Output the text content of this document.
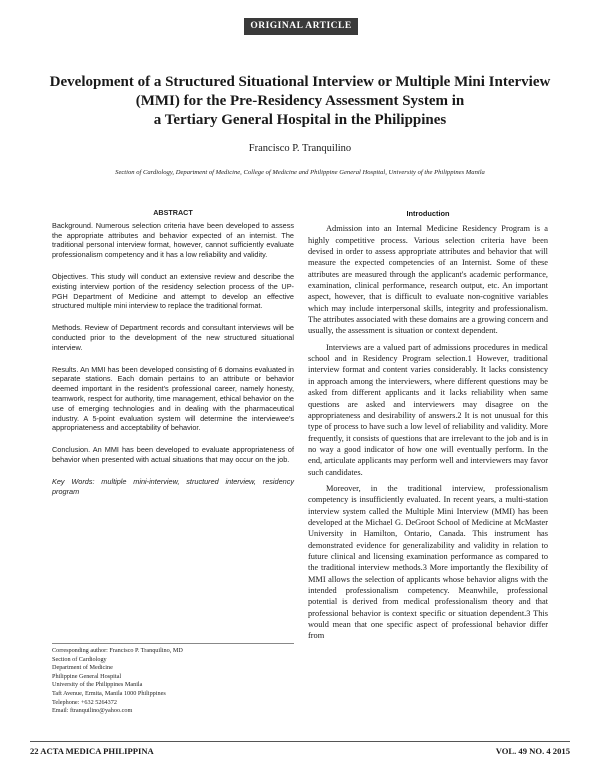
ORIGINAL ARTICLE
Development of a Structured Situational Interview or Multiple Mini Interview
(MMI) for the Pre-Residency Assessment System in
a Tertiary General Hospital in the Philippines
Francisco P. Tranquilino
Section of Cardiology, Department of Medicine, College of Medicine and Philippine General Hospital, University of the Philippines Manila
ABSTRACT

Background. Numerous selection criteria have been developed to assess the appropriate attributes and behavior expected of an internist. The traditional personal interview format, however, cannot sufficiently evaluate professionalism competency and it has a low reliability and validity.

Objectives. This study will conduct an extensive review and describe the existing interview portion of the residency selection process of the UP-PGH Department of Medicine and attempt to develop an effective structured multiple mini interview to replace the traditional format.

Methods. Review of Department records and consultant interviews will be conducted prior to the development of the new structured situational interview.

Results. An MMI has been developed consisting of 6 domains evaluated in separate stations. Each domain pertains to an attribute or behavior deemed important in the resident's professional career, namely honesty, teamwork, respect for authority, time management, ethical behavior on the use of emerging technologies and in dealing with the pharmaceutical industry. A 5-point evaluation system will determine the interviewee's appropriateness and acceptability of behavior.

Conclusion. An MMI has been developed to evaluate appropriateness of behavior when presented with actual situations that may occur on the job.

Key Words: multiple mini-interview, structured interview, residency program

Corresponding author: Francisco P. Tranquilino, MD
Section of Cardiology
Department of Medicine
Philippine General Hospital
University of the Philippines Manila
Taft Avenue, Ermita, Manila 1000 Philippines
Telephone: +632 5264372
Email: ftranquilino@yahoo.com
Introduction

Admission into an Internal Medicine Residency Program is a highly competitive process. Various selection criteria have been devised in order to assess appropriate attributes and behavior that will measure the expected competencies of an Internist. Some of these attributes are measured through the applicant's academic performance, examination, clinical performance, research output, etc. An important aspect, however, that is difficult to evaluate non-cognitive variables which may include interpersonal skills, integrity and professionalism. The attributes associated with these domains are a growing concern and usually, the assessment is situation or context dependent.

Interviews are a valued part of admissions procedures in medical school and in Residency Program selection.1 However, traditional interview format and content varies considerably. It lacks consistency in approach among the interviewers, where different questions may be asked from different applicants and it lacks reliability when same questions are asked and interviewers may disagree on the appropriateness and desirability of answers.2 It is not unusual for this type of process to have such a low level of reliability and validity. More frequently, it consists of questions that are irrelevant to the job and is in no way a good indicator of how one will eventually perform. In the end, articulate applicants may perform well and interviewers may favor such candidates.

Moreover, in the traditional interview, professionalism competency is insufficiently evaluated. In recent years, a multi-station interview system called the Multiple Mini Interview (MMI) has been developed at the Michael G. DeGroot School of Medicine at McMaster University in Hamilton, Ontario, Canada. This instrument has demonstrated evidence for generalizability and validity in relation to future clinical and licensing examination performance as compared to the traditional interview methods.3 More importantly the flexibility of MMI allows the selection of applicants whose behavior aligns with the intended professionalism competency. Meanwhile, professional potential is derived from medical professionalism theory and that professional behavior is context specific or situation dependent.3 This would mean that one specific aspect of professional behavior differ from

22 ACTA MEDICA PHILIPPINA	VOL. 49 NO. 4 2015
